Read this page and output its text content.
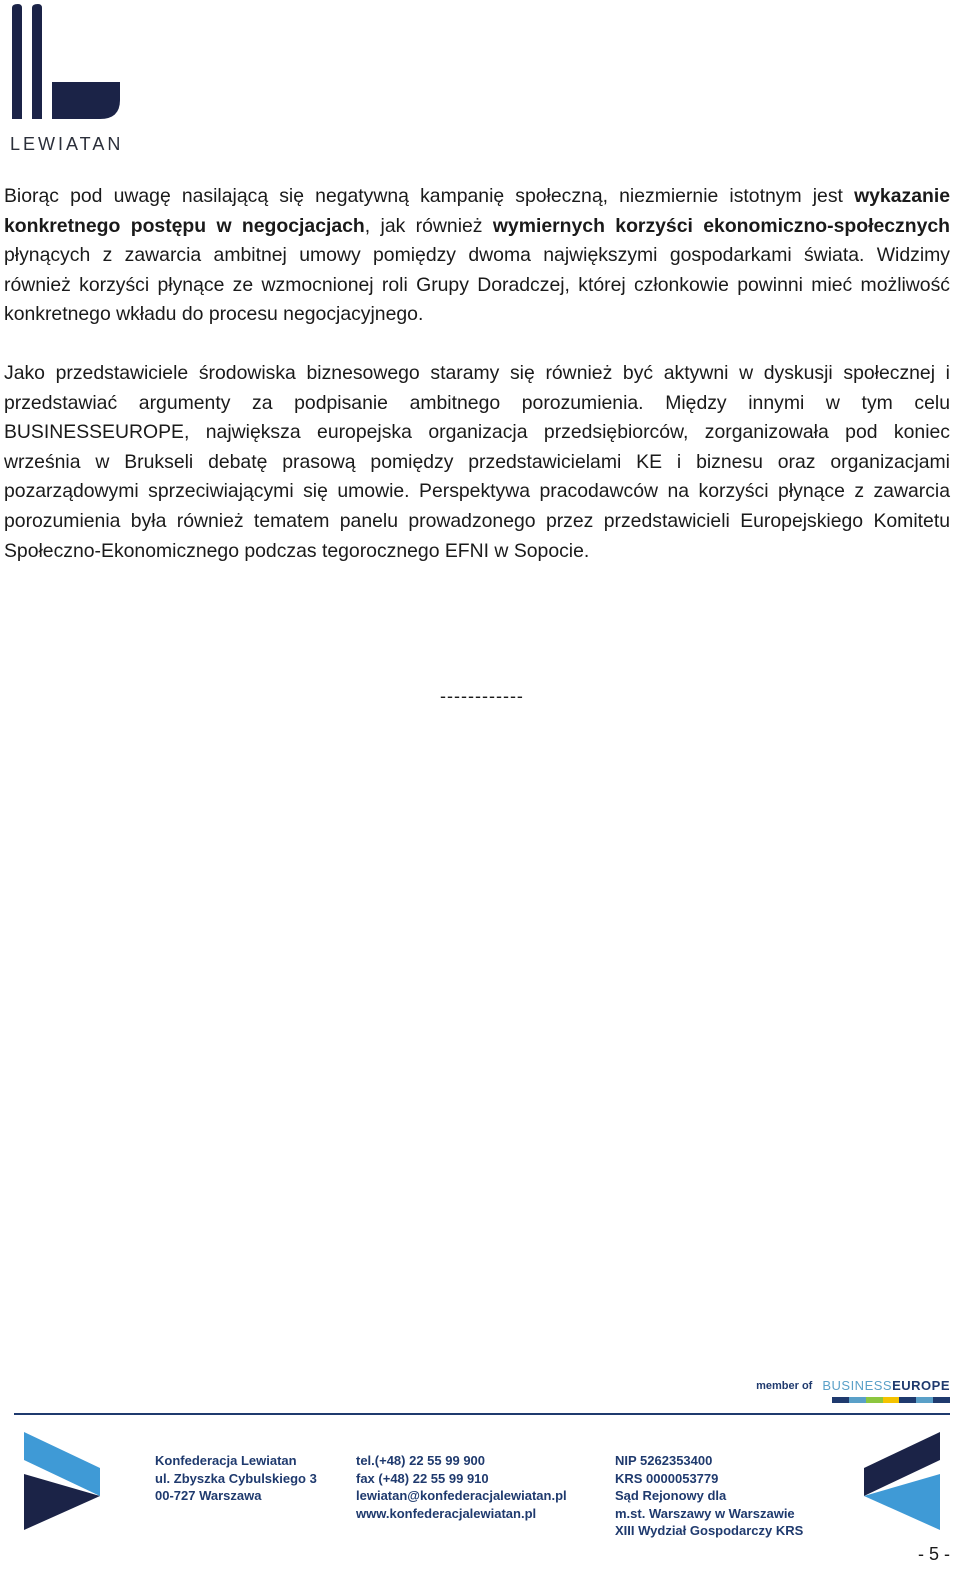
LEWIATAN

Biorąc pod uwagę nasilającą się negatywną kampanię społeczną, niezmiernie istotnym jest wykazanie konkretnego postępu w negocjacjach, jak również wymiernych korzyści ekonomiczno-społecznych płynących z zawarcia ambitnej umowy pomiędzy dwoma największymi gospodarkami świata. Widzimy również korzyści płynące ze wzmocnionej roli Grupy Doradczej, której członkowie powinni mieć możliwość konkretnego wkładu do procesu negocjacyjnego.

Jako przedstawiciele środowiska biznesowego staramy się również być aktywni w dyskusji społecznej i przedstawiać argumenty za podpisanie ambitnego porozumienia. Między innymi w tym celu BUSINESSEUROPE, największa europejska organizacja przedsiębiorców, zorganizowała pod koniec września w Brukseli debatę prasową pomiędzy przedstawicielami KE i biznesu oraz organizacjami pozarządowymi sprzeciwiającymi się umowie. Perspektywa pracodawców na korzyści płynące z zawarcia porozumienia była również tematem panelu prowadzonego przez przedstawicieli Europejskiego Komitetu Społeczno-Ekonomicznego podczas tegorocznego EFNI w Sopocie.

------------
member of BUSINESSEUROPE
Konfederacja Lewiatan
ul. Zbyszka Cybulskiego 3
00-727 Warszawa
tel.(+48) 22 55 99 900
fax (+48) 22 55 99 910
lewiatan@konfederacjalewiatan.pl
www.konfederacjalewiatan.pl
NIP 5262353400
KRS 0000053779
Sąd Rejonowy dla
m.st. Warszawy w Warszawie
XIII Wydział Gospodarczy KRS
- 5 -
